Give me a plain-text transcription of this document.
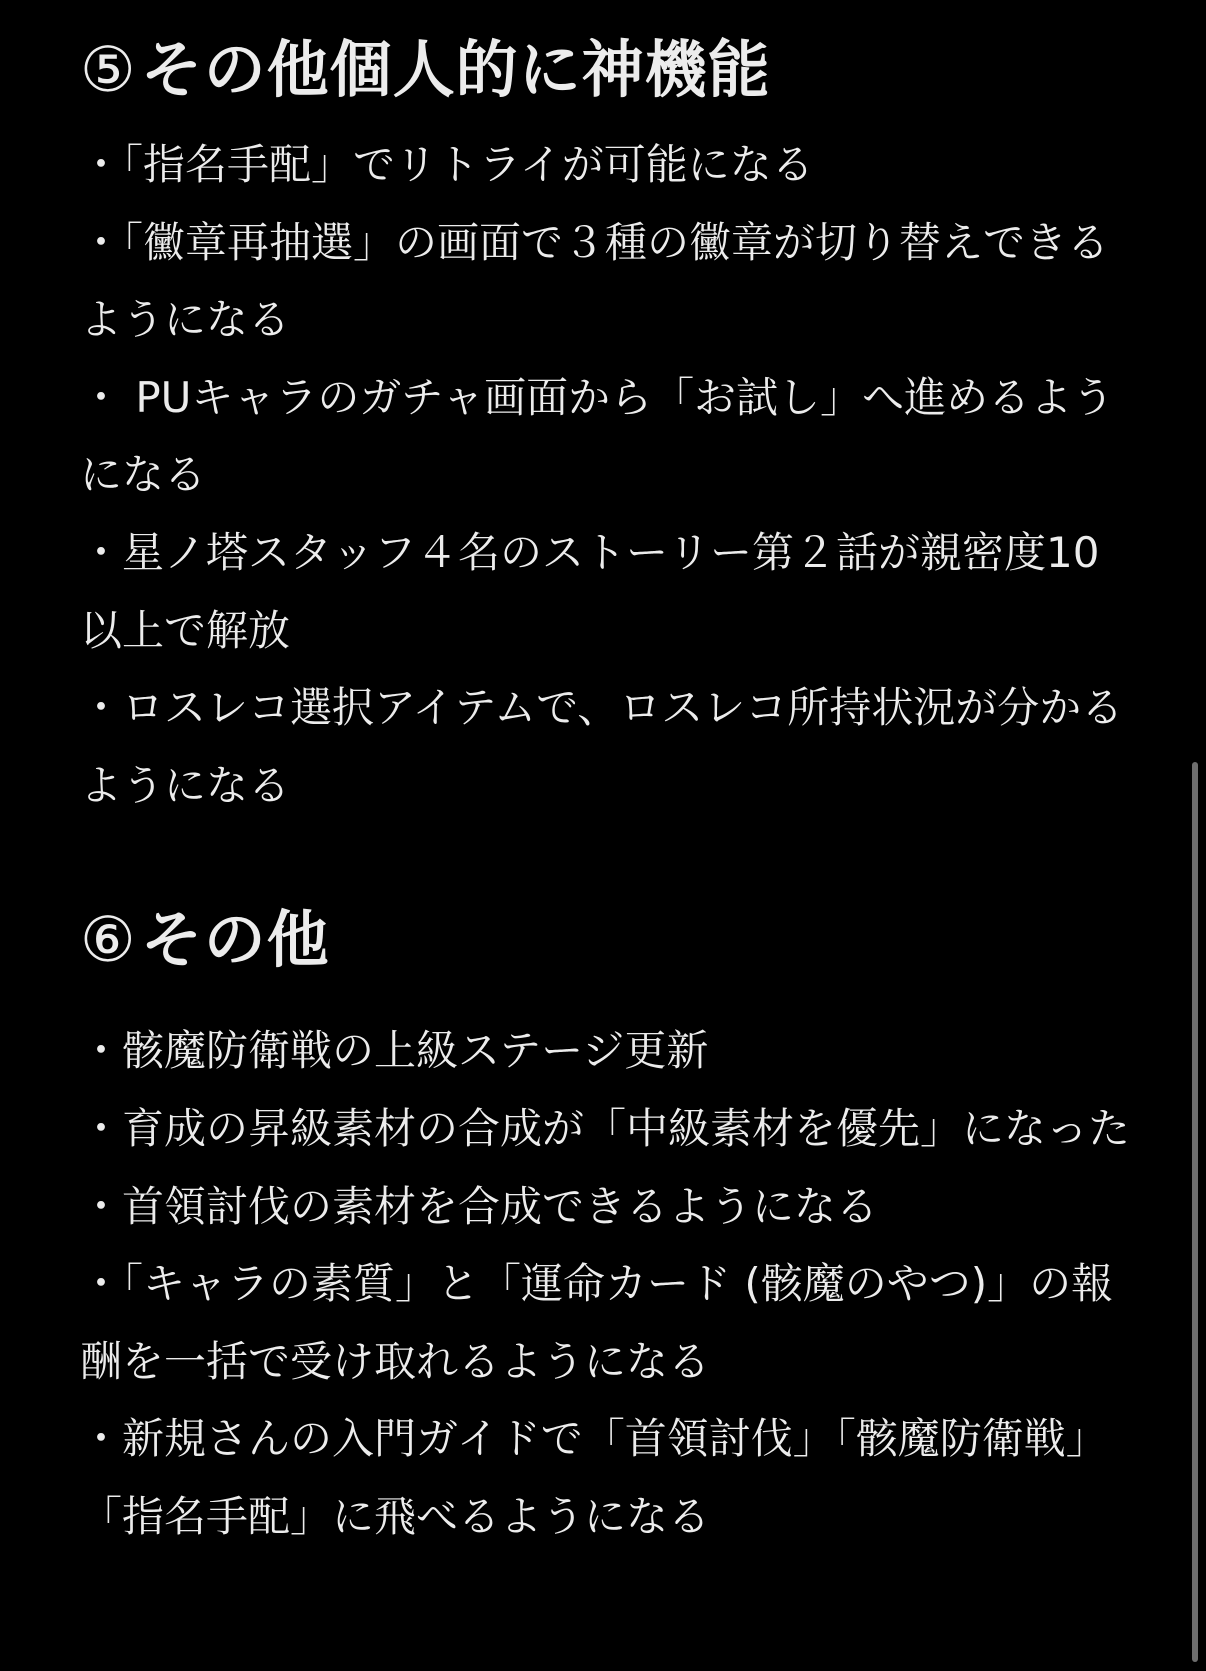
⑤その他個人的に神機能

・「指名手配」でリトライが可能になる

・「黴章再抽選」の画面で３種の黴章が切り替えできるようになる

・ PUキャラのガチャ画面から「お試し」へ進めるようになる

・星ノ塔スタッフ４名のストーリー第２話が親密度10以上で解放

・ロスレコ選択アイテムで、ロスレコ所持状況が分かるようになる

⑥その他

・骸魔防衛戦の上級ステージ更新

・育成の昇級素材の合成が「中級素材を優先」になった

・首領討伐の素材を合成できるようになる

・「キャラの素質」と「運命カード (骸魔のやつ)」の報酬を一括で受け取れるようになる

・新規さんの入門ガイドで「首領討伐」「骸魔防衛戦」「指名手配」に飛べるようになる
